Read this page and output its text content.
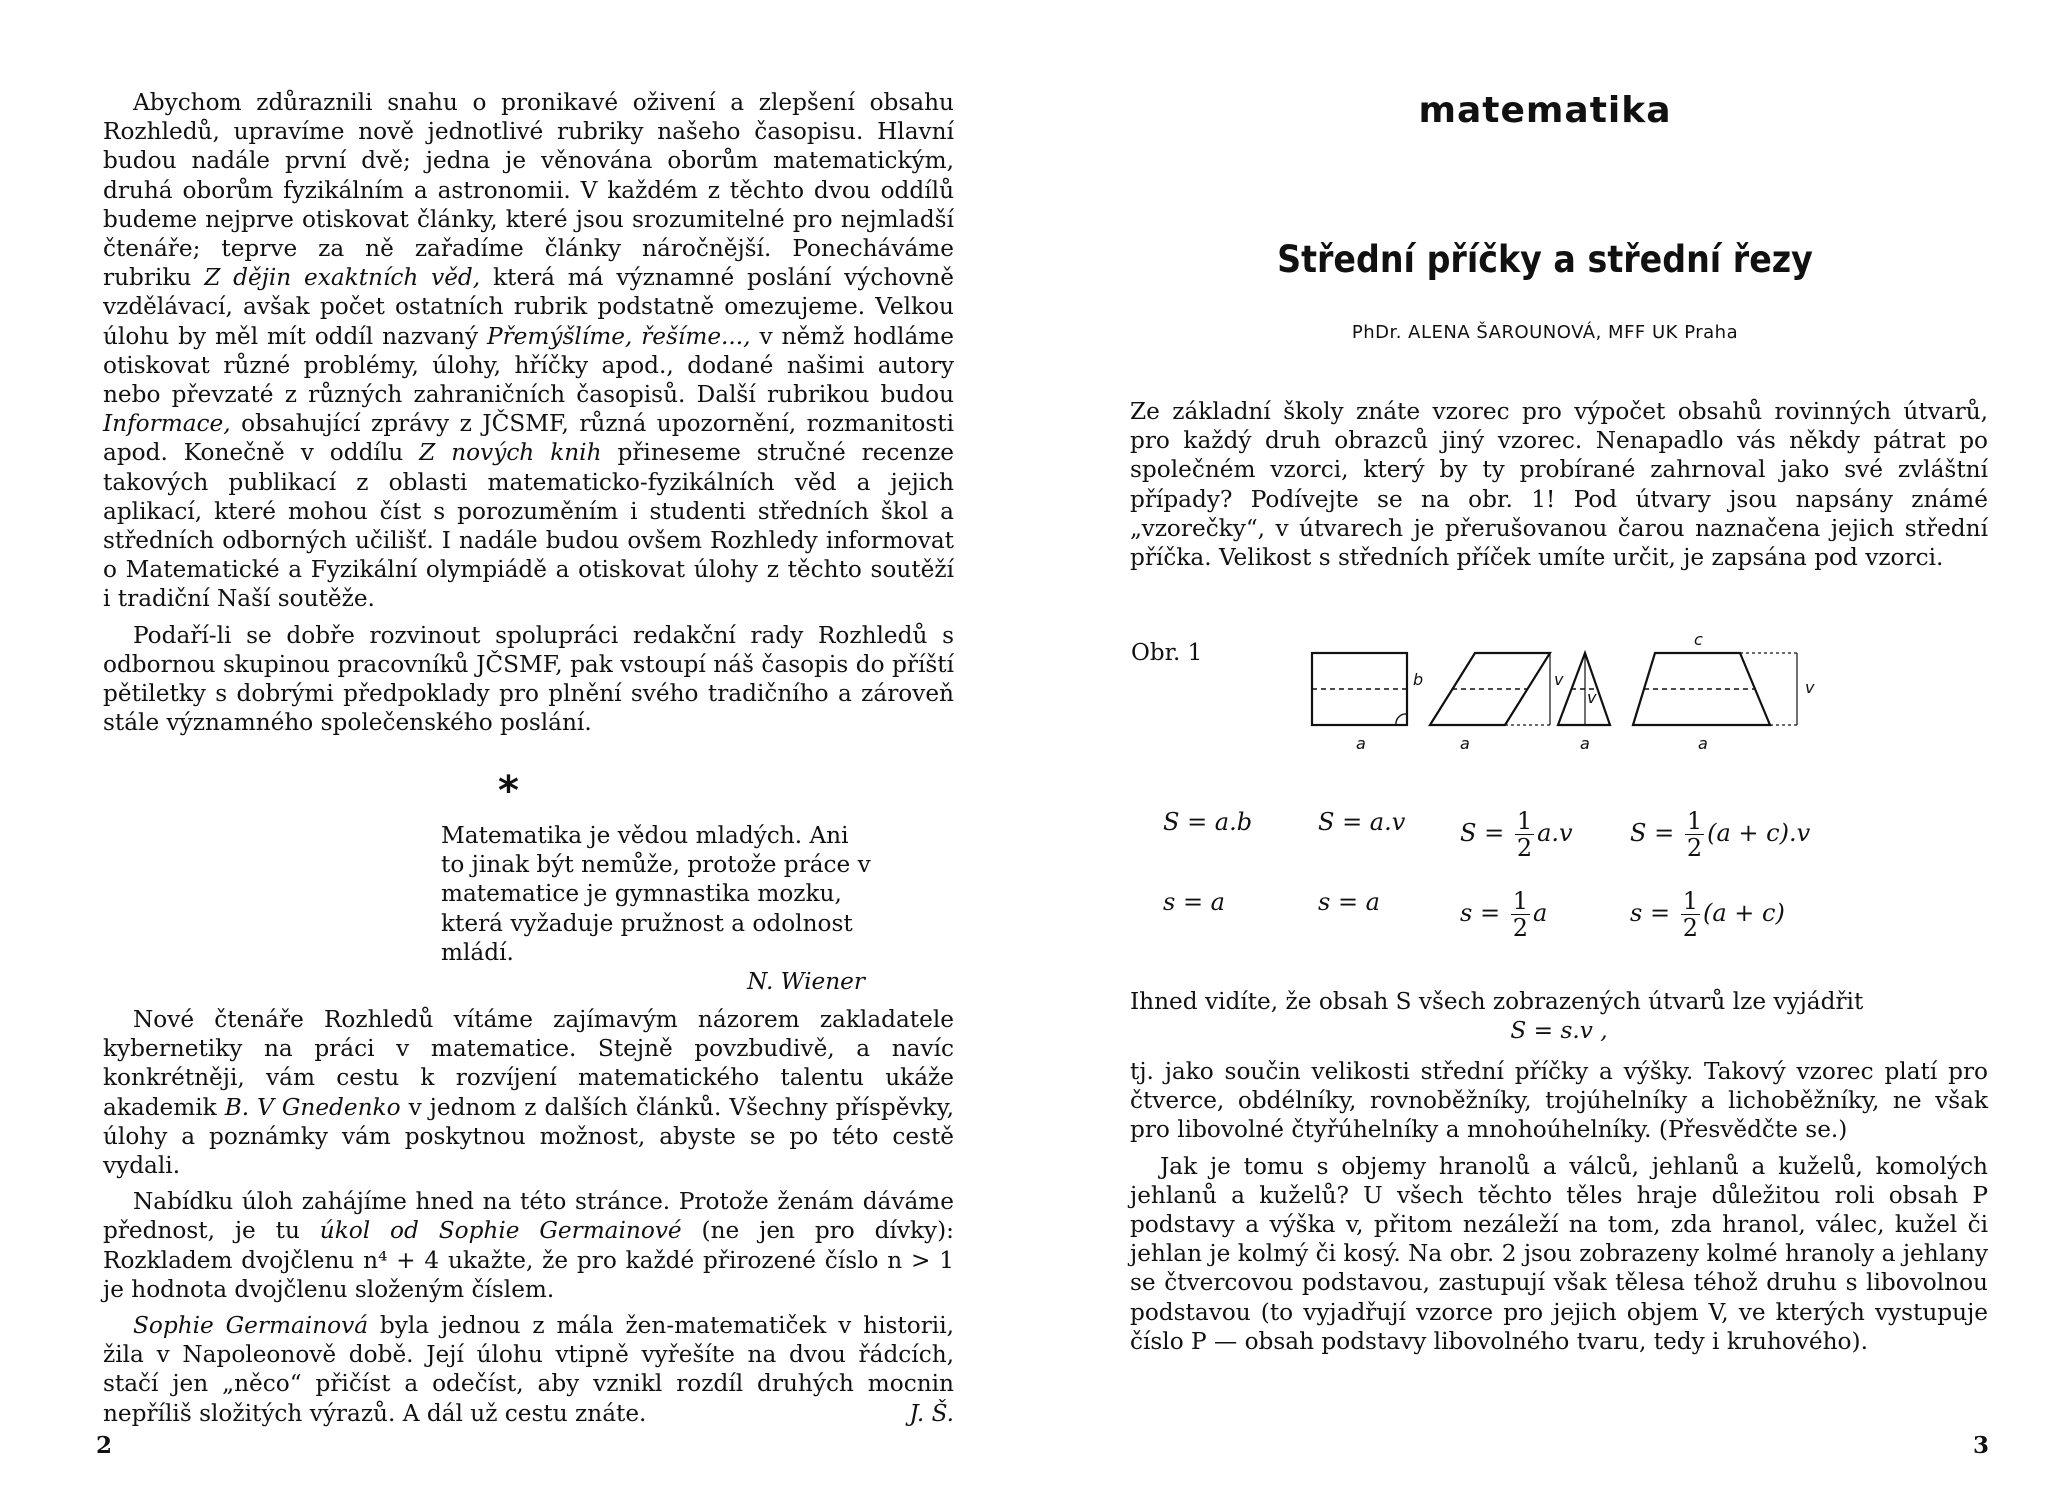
Abychom zdůraznili snahu o pronikavé oživení a zlepšení obsahu Rozhledů, upravíme nově jednotlivé rubriky našeho časopisu. Hlavní budou nadále první dvě; jedna je věnována oborům matematickým, druhá oborům fyzikálním a astronomii. V každém z těchto dvou oddílů budeme nejprve otiskovat články, které jsou srozumitelné pro nejmladší čtenáře; teprve za ně zařadíme články náročnější. Ponecháváme rubriku Z dějin exaktních věd, která má významné poslání výchovně vzdělávací, avšak počet ostatních rubrik podstatně omezujeme. Velkou úlohu by měl mít oddíl nazvaný Přemýšlíme, řešíme..., v němž hodláme otiskovat různé problémy, úlohy, hříčky apod., dodané našimi autory nebo převzaté z různých zahraničních časopisů. Další rubrikou budou Informace, obsahující zprávy z JČSMF, různá upozornění, rozmanitosti apod. Konečně v oddílu Z nových knih přineseme stručné recenze takových publikací z oblasti matematicko-fyzikálních věd a jejich aplikací, které mohou číst s porozuměním i studenti středních škol a středních odborných učilišť. I nadále budou ovšem Rozhledy informovat o Matematické a Fyzikální olympiádě a otiskovat úlohy z těchto soutěží i tradiční Naší soutěže.

Podaří-li se dobře rozvinout spolupráci redakční rady Rozhledů s odbornou skupinou pracovníků JČSMF, pak vstoupí náš časopis do příští pětiletky s dobrými předpoklady pro plnění svého tradičního a zároveň stále významného společenského poslání.

*
Matematika je vědou mladých. Ani to jinak být nemůže, protože práce v matematice je gymnastika mozku, která vyžaduje pružnost a odolnost mládí.
N. Wiener

Nové čtenáře Rozhledů vítáme zajímavým názorem zakladatele kybernetiky na práci v matematice. Stejně povzbudivě, a navíc konkrétněji, vám cestu k rozvíjení matematického talentu ukáže akademik B. V Gnedenko v jednom z dalších článků. Všechny příspěvky, úlohy a poznámky vám poskytnou možnost, abyste se po této cestě vydali.

Nabídku úloh zahájíme hned na této stránce. Protože ženám dáváme přednost, je tu úkol od Sophie Germainové (ne jen pro dívky): Rozkladem dvojčlenu n⁴ + 4 ukažte, že pro každé přirozené číslo n > 1 je hodnota dvojčlenu složeným číslem.

Sophie Germainová byla jednou z mála žen-matematiček v historii, žila v Napoleonově době. Její úlohu vtipně vyřešíte na dvou řádcích, stačí jen „něco“ přičíst a odečíst, aby vznikl rozdíl druhých mocnin nepříliš složitých výrazů. A dál už cestu znáte.	J. Š.

2
matematika
Střední příčky a střední řezy
PhDr. ALENA ŠAROUNOVÁ, MFF UK Praha

Ze základní školy znáte vzorec pro výpočet obsahů rovinných útvarů, pro každý druh obrazců jiný vzorec. Nenapadlo vás někdy pátrat po společném vzorci, který by ty probírané zahrnoval jako své zvláštní případy? Podívejte se na obr. 1! Pod útvary jsou napsány známé „vzorečky“, v útvarech je přerušovanou čarou naznačena jejich střední příčka. Velikost s středních příček umíte určit, je zapsána pod vzorci.

Obr. 1
a
b
a
v
a
v
c
v
a
S = a.b	S = a.v $S = \frac{1}{2} a.v$ $S = \frac{1}{2} (a + c).v$
s = a	s = a	$s = \frac{1}{2}$ a	$s = \frac{1}{2} (a + c)$

Ihned vidíte, že obsah S všech zobrazených útvarů lze vyjádřit

S = s.v ,

tj. jako součin velikosti střední příčky a výšky. Takový vzorec platí pro čtverce, obdélníky, rovnoběžníky, trojúhelníky a lichoběžníky, ne však pro libovolné čtyřúhelníky a mnohoúhelníky. (Přesvědčte se.)

Jak je tomu s objemy hranolů a válců, jehlanů a kuželů, komolých jehlanů a kuželů? U všech těchto těles hraje důležitou roli obsah P podstavy a výška v, přitom nezáleží na tom, zda hranol, válec, kužel či jehlan je kolmý či kosý. Na obr. 2 jsou zobrazeny kolmé hranoly a jehlany se čtvercovou podstavou, zastupují však tělesa téhož druhu s libovolnou podstavou (to vyjadřují vzorce pro jejich objem V, ve kterých vystupuje číslo P — obsah podstavy libovolného tvaru, tedy i kruhového).

3
